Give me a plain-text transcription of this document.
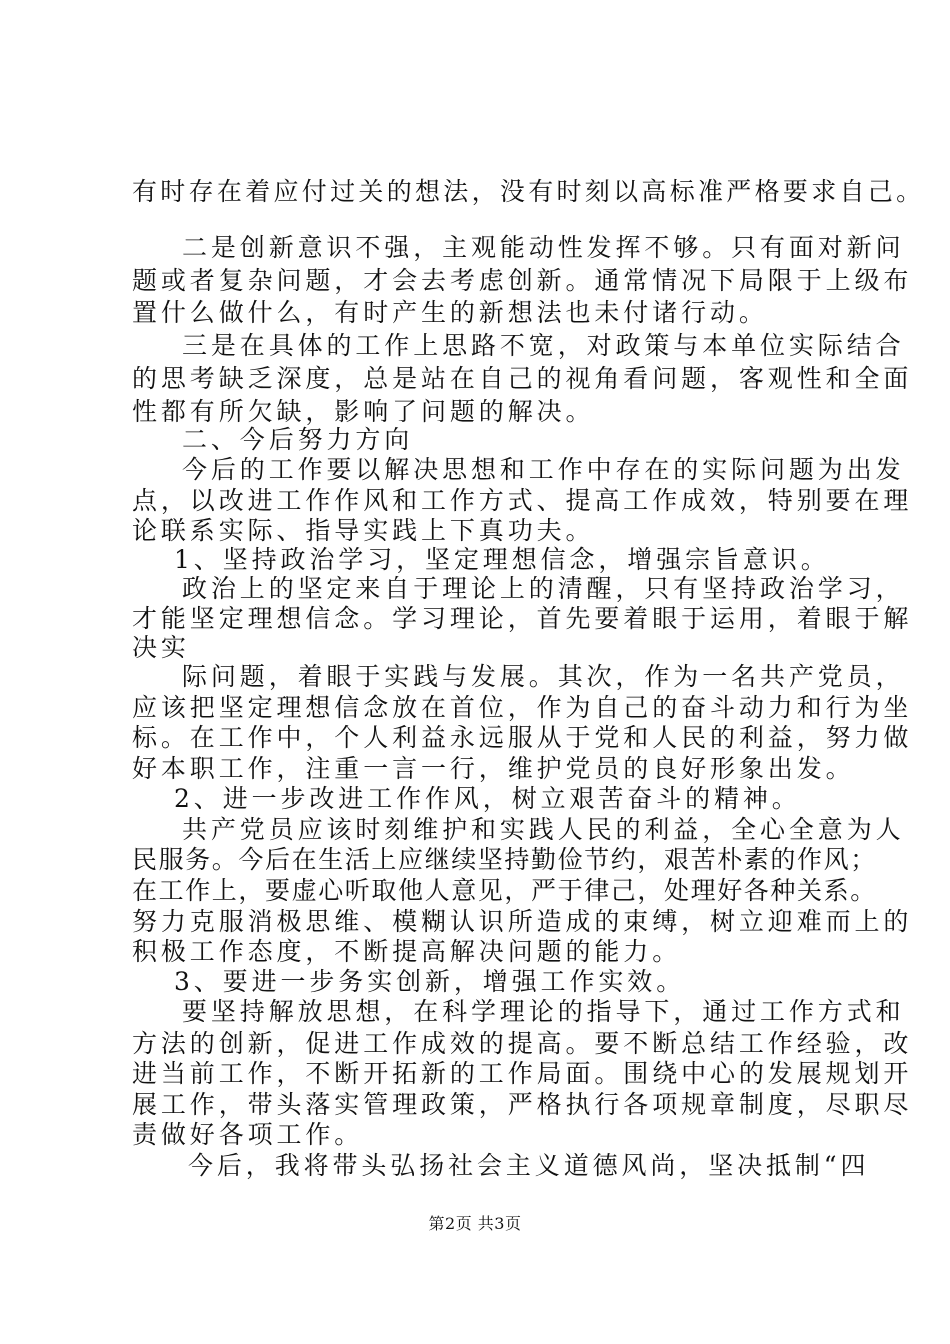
有时存在着应付过关的想法，没有时刻以高标准严格要求自己。
二是创新意识不强，主观能动性发挥不够。只有面对新问
题或者复杂问题，才会去考虑创新。通常情况下局限于上级布
置什么做什么，有时产生的新想法也未付诸行动。
三是在具体的工作上思路不宽，对政策与本单位实际结合
的思考缺乏深度，总是站在自己的视角看问题，客观性和全面
性都有所欠缺，影响了问题的解决。
二、今后努力方向
今后的工作要以解决思想和工作中存在的实际问题为出发
点，以改进工作作风和工作方式、提高工作成效，特别要在理
论联系实际、指导实践上下真功夫。
1、坚持政治学习，坚定理想信念，增强宗旨意识。
政治上的坚定来自于理论上的清醒，只有坚持政治学习，
才能坚定理想信念。学习理论，首先要着眼于运用，着眼于解
决实
际问题，着眼于实践与发展。其次，作为一名共产党员，
应该把坚定理想信念放在首位，作为自己的奋斗动力和行为坐
标。在工作中，个人利益永远服从于党和人民的利益，努力做
好本职工作，注重一言一行，维护党员的良好形象出发。
2、进一步改进工作作风，树立艰苦奋斗的精神。
共产党员应该时刻维护和实践人民的利益，全心全意为人
民服务。今后在生活上应继续坚持勤俭节约，艰苦朴素的作风；
在工作上，要虚心听取他人意见，严于律己，处理好各种关系。
努力克服消极思维、模糊认识所造成的束缚，树立迎难而上的
积极工作态度，不断提高解决问题的能力。
3、要进一步务实创新，增强工作实效。
要坚持解放思想，在科学理论的指导下，通过工作方式和
方法的创新，促进工作成效的提高。要不断总结工作经验，改
进当前工作，不断开拓新的工作局面。围绕中心的发展规划开
展工作，带头落实管理政策，严格执行各项规章制度，尽职尽
责做好各项工作。
今后，我将带头弘扬社会主义道德风尚，坚决抵制“四
第2页 共3页
